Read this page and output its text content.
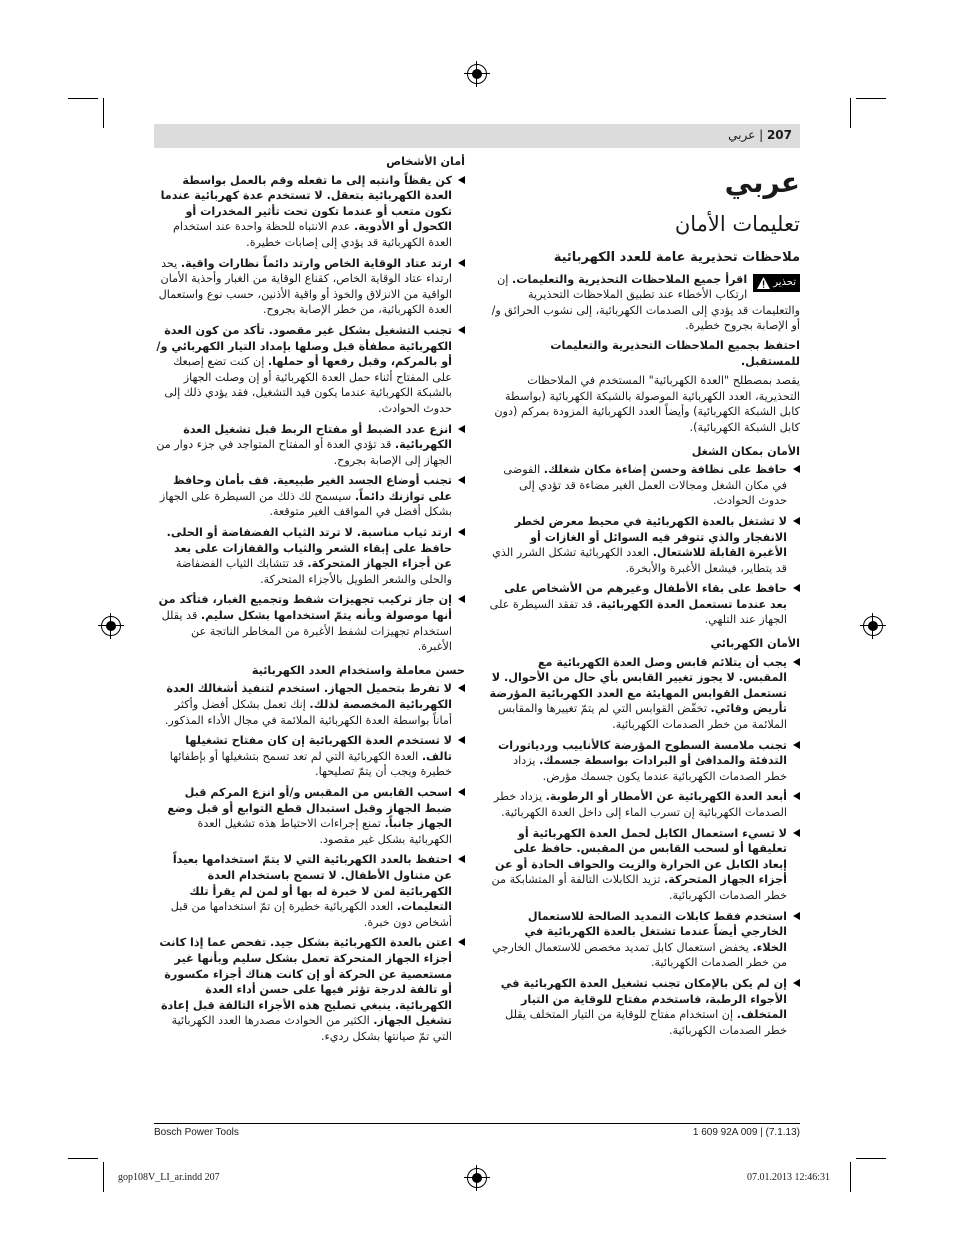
207 | عربي
عربي
تعليمات الأمان
ملاحظات تحذيرية عامة للعدد الكهربائية
تحذير

اقرأ جميع الملاحظات التحذيرية والتعليمات. إن ارتكاب الأخطاء عند تطبيق الملاحظات التحذيرية والتعليمات قد يؤدي إلى الصدمات الكهربائية، إلى نشوب الحرائق و/أو الإصابة بجروح خطيرة.

احتفظ بجميع الملاحظات التحذيرية والتعليمات للمستقبل.

يقصد بمصطلح "العدة الكهربائية" المستخدم في الملاحظات التحذيرية، العدد الكهربائية الموصولة بالشبكة الكهربائية (بواسطة كابل الشبكة الكهربائية) وأيضاً العدد الكهربائية المزودة بمركم (دون كابل الشبكة الكهربائية).

الأمان بمكان الشغل
حافظ على نظافة وحسن إضاءة مكان شغلك. الفوضى في مكان الشغل ومجالات العمل الغير مضاءة قد تؤدي إلى حدوث الحوادث.
لا تشتغل بالعدة الكهربائية في محيط معرض لخطر الانفجار والذي تتوفر فيه السوائل أو الغازات أو الأغبرة القابلة للاشتعال. العدد الكهربائية تشكل الشرر الذي قد يتطاير، فيشعل الأغبرة والأبخرة.
حافظ على بقاء الأطفال وغيرهم من الأشخاص على بعد عندما تستعمل العدة الكهربائية. قد تفقد السيطرة على الجهاز عند التلهي.
الأمان الكهربائي
يجب أن يتلائم قابس وصل العدة الكهربائية مع المقبس. لا يجوز تغيير القابس بأي حال من الأحوال. لا تستعمل القوابس المهايئة مع العدد الكهربائية المؤرضة تأريض وقائي. تخفّض القوابس التي لم يتمّ تغييرها والمقابس الملائمة من خطر الصدمات الكهربائية.
تجنب ملامسة السطوح المؤرضة كالأنابيب وردياتورات التدفئة والمدافئ أو البرادات بواسطة جسمك. يزداد خطر الصدمات الكهربائية عندما يكون جسمك مؤرض.
أبعد العدة الكهربائية عن الأمطار أو الرطوبة. يزداد خطر الصدمات الكهربائية إن تسرب الماء إلى داخل العدة الكهربائية.
لا تسيء استعمال الكابل لحمل العدة الكهربائية أو تعليقها أو لسحب القابس من المقبس. حافظ على إبعاد الكابل عن الحرارة والزيت والحواف الحادة أو عن أجزاء الجهاز المتحركة. تزيد الكابلات التالفة أو المتشابكة من خطر الصدمات الكهربائية.
استخدم فقط كابلات التمديد الصالحة للاستعمال الخارجي أيضاً عندما تشتغل بالعدة الكهربائية في الخلاء. يخفض استعمال كابل تمديد مخصص للاستعمال الخارجي من خطر الصدمات الكهربائية.
إن لم يكن بالإمكان تجنب تشغيل العدة الكهربائية في الأجواء الرطبة، فاستخدم مفتاح للوقاية من التيار المتخلف. إن استخدام مفتاح للوقاية من التيار المتخلف يقلل خطر الصدمات الكهربائية.
أمان الأشخاص
كن يقظاً وانتبه إلى ما تفعله وقم بالعمل بواسطة العدة الكهربائية بتعقل. لا تستخدم عدة كهربائية عندما تكون متعب أو عندما تكون تحت تأثير المخدرات أو الكحول أو الأدوية. عدم الانتباه للحظة واحدة عند استخدام العدة الكهربائية قد يؤدي إلى إصابات خطيرة.
ارتد عتاد الوقاية الخاص وارتد دائماً نظارات واقية. يحد ارتداء عتاد الوقاية الخاص، كقناع الوقاية من الغبار وأحذية الأمان الواقية من الانزلاق والخوذ أو واقية الأذنين، حسب نوع واستعمال العدة الكهربائية، من خطر الإصابة بجروح.
تجنب التشغيل بشكل غير مقصود. تأكد من كون العدة الكهربائية مطفأة قبل وصلها بإمداد التيار الكهربائي و/أو بالمركم، وقبل رفعها أو حملها. إن كنت تضع إصبعك على المفتاح أثناء حمل العدة الكهربائية أو إن وصلت الجهاز بالشبكة الكهربائية عندما يكون قيد التشغيل، فقد يؤدي ذلك إلى حدوث الحوادث.
انزع عدد الضبط أو مفتاح الربط قبل تشغيل العدة الكهربائية. قد تؤدي العدة أو المفتاح المتواجد في جزء دوار من الجهاز إلى الإصابة بجروح.
تجنب أوضاع الجسد الغير طبيعية. قف بأمان وحافظ على توازنك دائماً. سيسمح لك ذلك من السيطرة على الجهاز بشكل أفضل في المواقف الغير متوقعة.
ارتد ثياب مناسبة. لا ترتد الثياب الفضفاضة أو الحلى. حافظ على إبقاء الشعر والثياب والقفازات على بعد عن أجزاء الجهاز المتحركة. قد تتشابك الثياب الفضفاضة والحلى والشعر الطويل بالأجزاء المتحركة.
إن جاز تركيب تجهيزات شفط وتجميع الغبار، فتأكد من أنها موصولة وبأنه يتمّ استخدامها بشكل سليم. قد يقلل استخدام تجهيزات لشفط الأغبرة من المخاطر الناتجة عن الأغبرة.
حسن معاملة واستخدام العدد الكهربائية
لا تفرط بتحميل الجهاز. استخدم لتنفيذ أشغالك العدة الكهربائية المخصصة لذلك. إنك تعمل بشكل أفضل وأكثر أماناً بواسطة العدة الكهربائية الملائمة في مجال الأداء المذكور.
لا تستخدم العدة الكهربائية إن كان مفتاح تشغيلها تالف. العدة الكهربائية التي لم تعد تسمح بتشغيلها أو بإطفائها خطيرة ويجب أن يتمّ تصليحها.
اسحب القابس من المقبس و/أو انزع المركم قبل ضبط الجهاز وقبل استبدال قطع التوابع أو قبل وضع الجهاز جانباً. تمنع إجراءات الاحتياط هذه تشغيل العدة الكهربائية بشكل غير مقصود.
احتفظ بالعدد الكهربائية التي لا يتمّ استخدامها بعيداً عن متناول الأطفال. لا تسمح باستخدام العدة الكهربائية لمن لا خبرة له بها أو لمن لم يقرأ تلك التعليمات. العدد الكهربائية خطيرة إن تمّ استخدامها من قبل أشخاص دون خبرة.
اعتن بالعدة الكهربائية بشكل جيد. تفحص عما إذا كانت أجزاء الجهاز المتحركة تعمل بشكل سليم وبأنها غير مستعصية عن الحركة أو إن كانت هناك أجزاء مكسورة أو تالفة لدرجة تؤثر فيها على حسن أداء العدة الكهربائية. ينبغي تصليح هذه الأجزاء التالفة قبل إعادة تشغيل الجهاز. الكثير من الحوادث مصدرها العدد الكهربائية التي تمّ صيانتها بشكل رديء.
Bosch Power Tools	1 609 92A 009 | (7.1.13)
gop108V_LI_ar.indd 207	07.01.2013 12:46:31
